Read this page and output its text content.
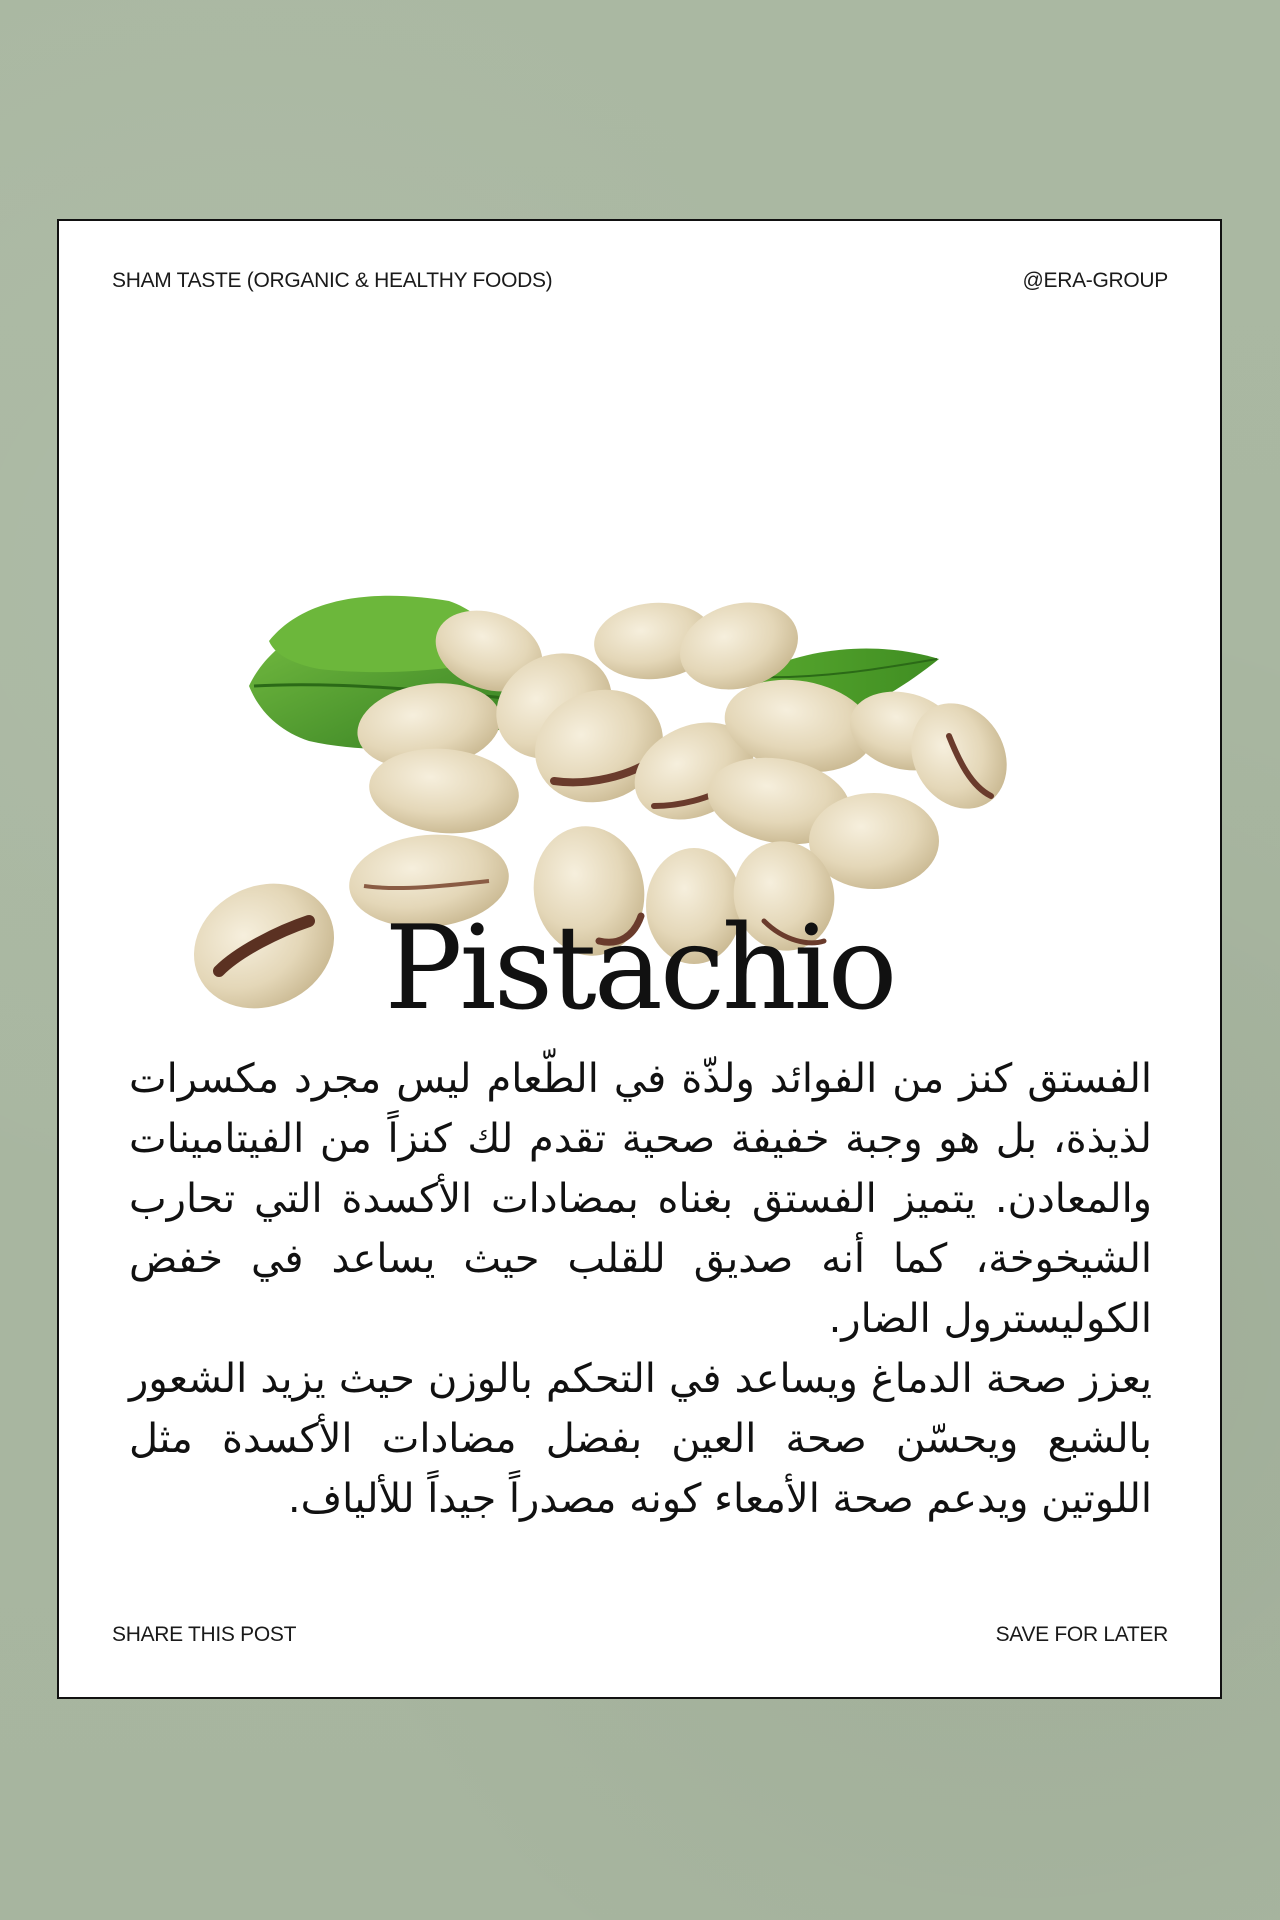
SHAM TASTE (ORGANIC & HEALTHY FOODS)	@ERA-GROUP
Pistachio

الفستق كنز من الفوائد ولذّة في الطّعام ليس مجرد مكسرات لذيذة، بل هو وجبة خفيفة صحية تقدم لك كنزاً من الفيتامينات والمعادن. يتميز الفستق بغناه بمضادات الأكسدة التي تحارب الشيخوخة، كما أنه صديق للقلب حيث يساعد في خفض الكوليسترول الضار.

يعزز صحة الدماغ ويساعد في التحكم بالوزن حيث يزيد الشعور بالشبع ويحسّن صحة العين بفضل مضادات الأكسدة مثل اللوتين ويدعم صحة الأمعاء كونه مصدراً جيداً للألياف.

SHARE THIS POST	SAVE FOR LATER
